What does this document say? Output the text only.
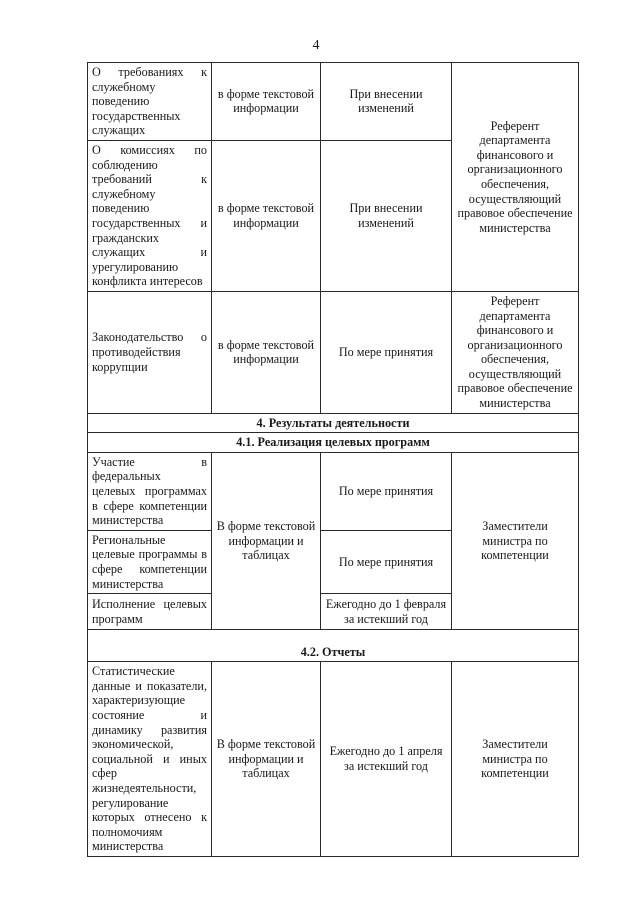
4
О требованиях к служебному поведению государственных служащих	в форме текстовой информации	При внесении изменений	Референт департамента финансового и организационного обеспечения, осуществляющий правовое обеспечение министерства
О комиссиях по соблюдению требований к служебному поведению государственных и гражданских служащих и урегулированию конфликта интересов	в форме текстовой информации	При внесении изменений	
Законодательство о противодействия коррупции	в форме текстовой информации	По мере принятия	Референт департамента финансового и организационного обеспечения, осуществляющий правовое обеспечение министерства
4. Результаты деятельности			
4.1. Реализация целевых программ			
Участие в федеральных целевых программах в сфере компетенции министерства	В форме текстовой информации и таблицах	По мере принятия	Заместители министра по компетенции
Региональные целевые программы в сфере компетенции министерства		По мере принятия	
Исполнение целевых программ		Ежегодно до 1 февраля за истекший год	
4.2. Отчеты			
Статистические данные и показатели, характеризующие состояние и динамику развития экономической, социальной и иных сфер жизнедеятельности, регулирование которых отнесено к полномочиям министерства	В форме текстовой информации и таблицах	Ежегодно до 1 апреля за истекший год	Заместители министра по компетенции
